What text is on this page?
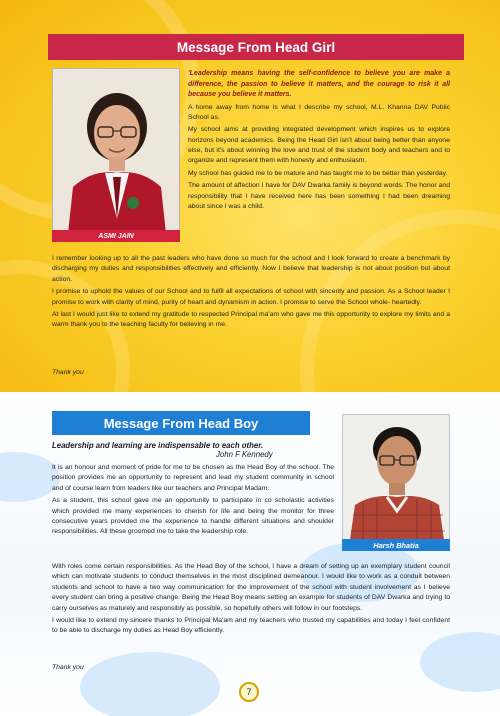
Message From Head Girl
ASMI JAIN

'Leadership means having the self-confidence to believe you are make a difference, the passion to believe it matters, and the courage to risk it all because you believe it matters.

A home away from home is what I describe my school, M.L. Khanna DAV Public School as.

My school aims at providing integrated development which inspires us to explore horizons beyond academics. Being the Head Girl isn't about being better than anyone else, but it's about winning the love and trust of the student body and teachers and to organize and represent them with honesty and enthusiasm.

My school has guided me to be mature and has taught me to be better than yesterday.

The amount of affection I have for DAV Dwarka family is beyond words. The honor and responsibility that I have received here has been something I had been dreaming about since I was a child.

I remember looking up to all the past leaders who have done so much for the school and I look forward to create a benchmark by discharging my duties and responsibilities effectively and efficiently. Now I believe that leadership is not about position but about action.

I promise to uphold the values of our School and to fulfil all expectations of school with sincerity and passion. As a School leader I promise to work with clarity of mind, purity of heart and dynamism in action. I promise to serve the School whole- heartedly.

At last I would just like to extend my gratitude to respected Principal ma'am who gave me this opportunity to explore my limits and a warm thank you to the teaching faculty for believing in me.

Thank you
Message From Head Boy
Harsh Bhatia
Leadership and learning are indispensable to each other.
John F Kennedy

It is an honour and moment of pride for me to be chosen as the Head Boy of the school. The position provides me an opportunity to represent and lead my student community in school and of course learn from leaders like our teachers and Principal Madam.

As a student, this school gave me an opportunity to participate in co scholastic activities which provided me many experiences to cherish for life and being the monitor for three consecutive years provided me the experience to handle different situations and shoulder responsibilities. All these groomed me to take the leadership role.

With roles come certain responsibilities. As the Head Boy of the school, I have a dream of setting up an exemplary student council which can motivate students to conduct themselves in the most disciplined demeanour. I would like to work as a conduit between students and school to have a two way communication for the improvement of the school with student involvement as I believe every student can bring a positive change. Being the Head Boy means setting an example for students of DAV Dwarka and trying to carry ourselves as maturely and responsibly as possible, so hopefully others will follow in our footsteps.

I would like to extend my sincere thanks to Principal Ma'am and my teachers who trusted my capabilities and today I feel confident to be able to discharge my duties as Head Boy efficiently.

Thank you
7
